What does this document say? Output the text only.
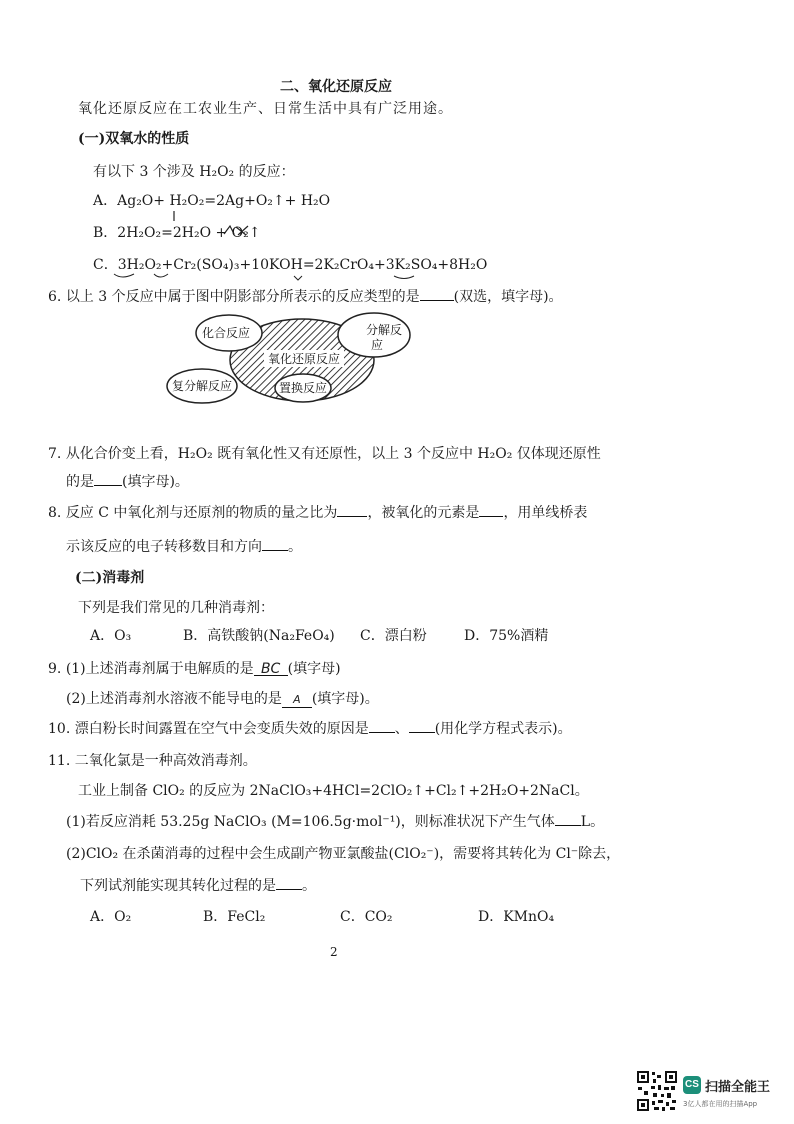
二、氧化还原反应
氧化还原反应在工农业生产、日常生活中具有广泛用途。
(一)双氧水的性质
有以下 3 个涉及 H₂O₂ 的反应：
A．Ag₂O+ H₂O₂=2Ag+O₂↑+ H₂O
B．2H₂O₂=2H₂O + O₂↑
C．3H₂O₂+Cr₂(SO₄)₃+10KOH=2K₂CrO₄+3K₂SO₄+8H₂O
6. 以上 3 个反应中属于图中阴影部分所表示的反应类型的是 (双选，填字母)。
氧化还原反应
化合反应	分解反
应
复分解反应	置换反应
7. 从化合价变上看，H₂O₂ 既有氧化性又有还原性，以上 3 个反应中 H₂O₂ 仅体现还原性
的是 (填字母)。
8. 反应 C 中氧化剂与还原剂的物质的量之比为 ，被氧化的元素是 ，用单线桥表
示该反应的电子转移数目和方向 。
(二)消毒剂
下列是我们常见的几种消毒剂：
A．O₃	B．高铁酸钠(Na₂FeO₄) C．漂白粉	D．75%酒精
9. (1)上述消毒剂属于电解质的是 BC (填字母)
(2)上述消毒剂水溶液不能导电的是 A (填字母)。
10. 漂白粉长时间露置在空气中会变质失效的原因是 、 (用化学方程式表示)。
11. 二氧化氯是一种高效消毒剂。
工业上制备 ClO₂ 的反应为 2NaClO₃+4HCl=2ClO₂↑+Cl₂↑+2H₂O+2NaCl。
(1)若反应消耗 53.25g NaClO₃ (M=106.5g·mol⁻¹)，则标准状况下产生气体 L。
(2)ClO₂ 在杀菌消毒的过程中会生成副产物亚氯酸盐(ClO₂⁻)，需要将其转化为 Cl⁻除去，
下列试剂能实现其转化过程的是 。
A．O₂	B．FeCl₂	C．CO₂	D．KMnO₄
2
CS 扫描全能王
3亿人都在用的扫描App
